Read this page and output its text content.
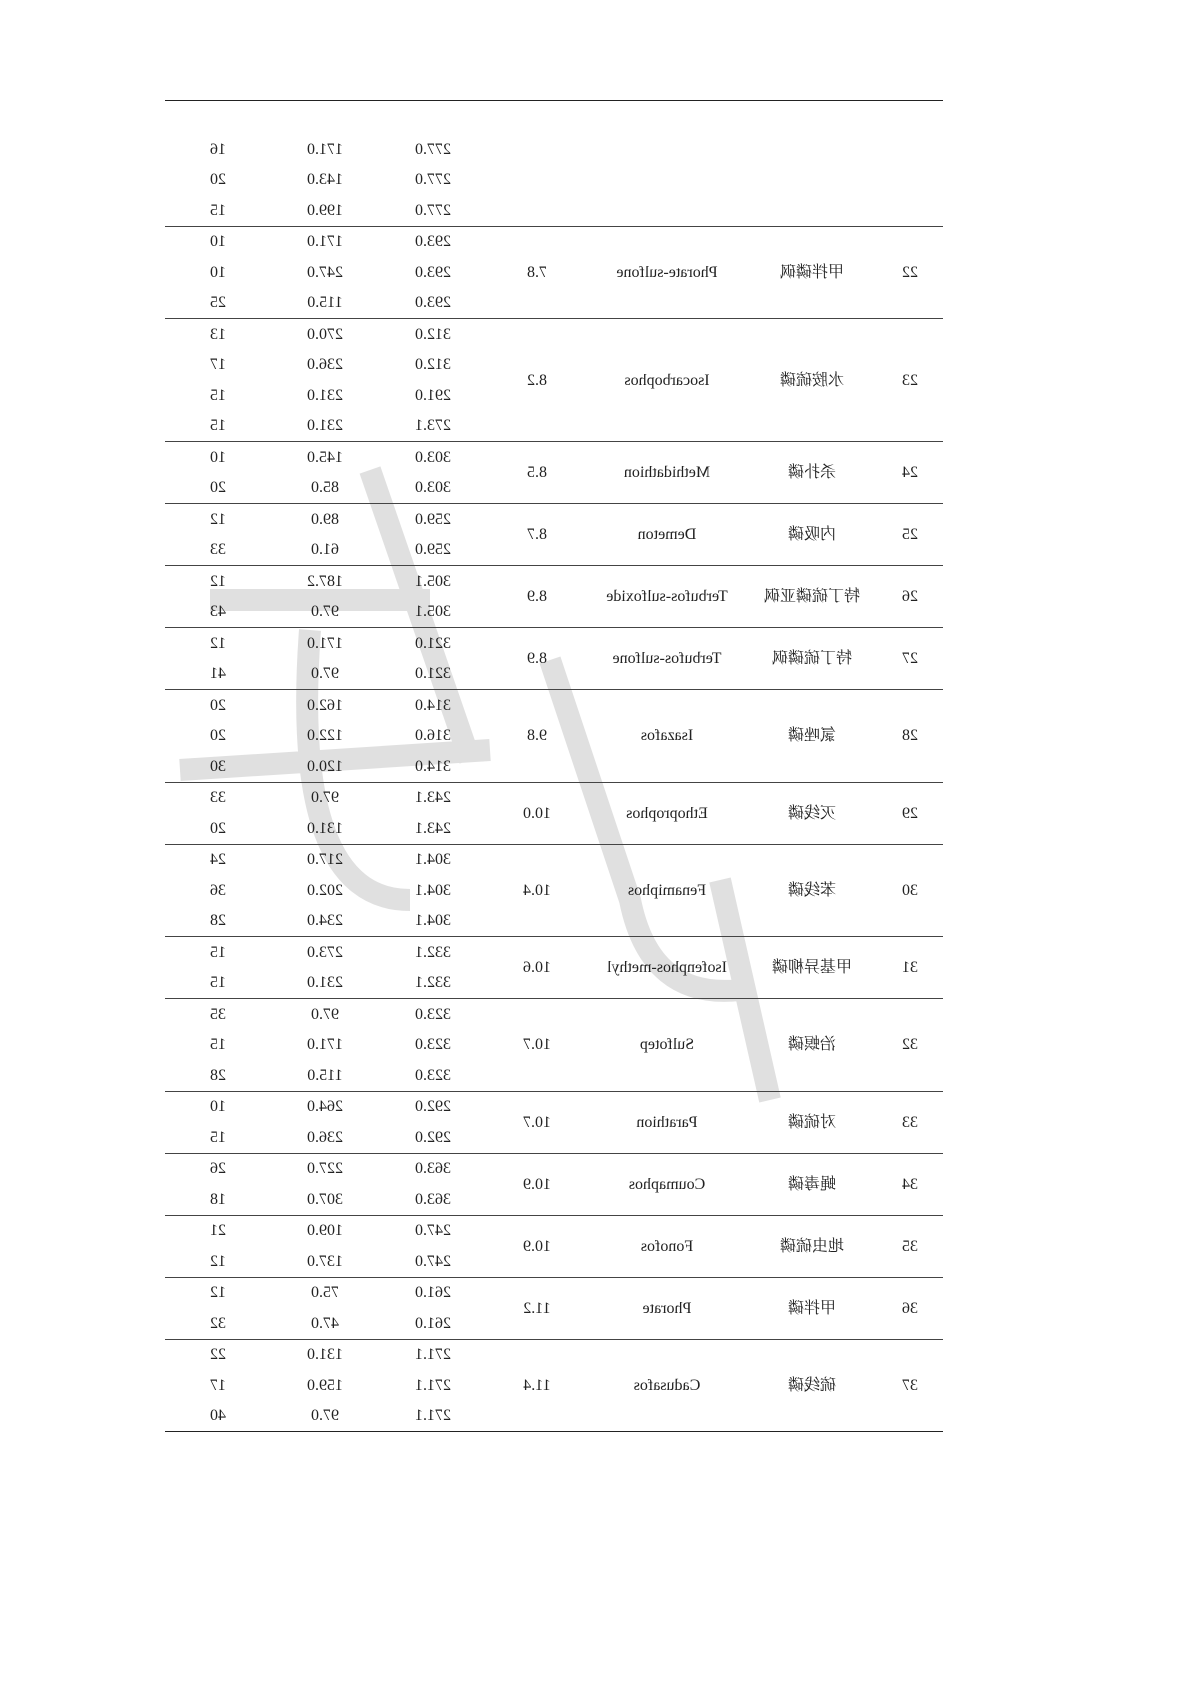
				277.0	171.0	16
				277.0	143.0	20
				277.0	199.0	15
22	甲拌磷砜	Phorate-sulfone	7.8	293.0	171.0	10
				293.0	247.0	10
				293.0	115.0	25
23	水胺硫磷	Isocarbophos	8.2	312.0	270.0	13
				312.0	236.0	17
				291.0	231.0	15
				273.1	231.0	15
24	杀扑磷	Methidathion	8.5	303.0	145.0	10
				303.0	85.0	20
25	内吸磷	Demeton	8.7	259.0	89.0	12
				259.0	61.0	33
26	特丁硫磷亚砜	Terbufos-sulfoxide	8.9	305.1	187.2	12
				305.1	97.0	43
27	特丁硫磷砜	Terbufos-sulfone	8.9	321.0	171.0	12
				321.0	97.0	41
28	氯唑磷	Isazafos	9.8	314.0	162.0	20
				316.0	122.0	20
				314.0	120.0	30
29	灭线磷	Ethoprophos	10.0	243.1	97.0	33
				243.1	131.0	20
30	苯线磷	Fenamiphos	10.4	304.1	217.0	24
				304.1	202.0	36
				304.1	234.0	28
31	甲基异柳磷	Isofenphos-methyl	10.6	332.1	273.0	15
				332.1	231.0	15
32	治螟磷	Sulfotep	10.7	323.0	97.0	35
				323.0	171.0	15
				323.0	115.0	28
33	对硫磷	Parathion	10.7	292.0	264.0	10
				292.0	236.0	15
34	蝇毒磷	Coumaphos	10.9	363.0	227.0	26
				363.0	307.0	18
35	地虫硫磷	Fonofos	10.9	247.0	109.0	21
				247.0	137.0	12
36	甲拌磷	Phorate	11.2	261.0	75.0	12
				261.0	47.0	32
37	硫线磷	Cadusafos	11.4	271.1	131.0	22
				271.1	159.0	17
				271.1	97.0	40
